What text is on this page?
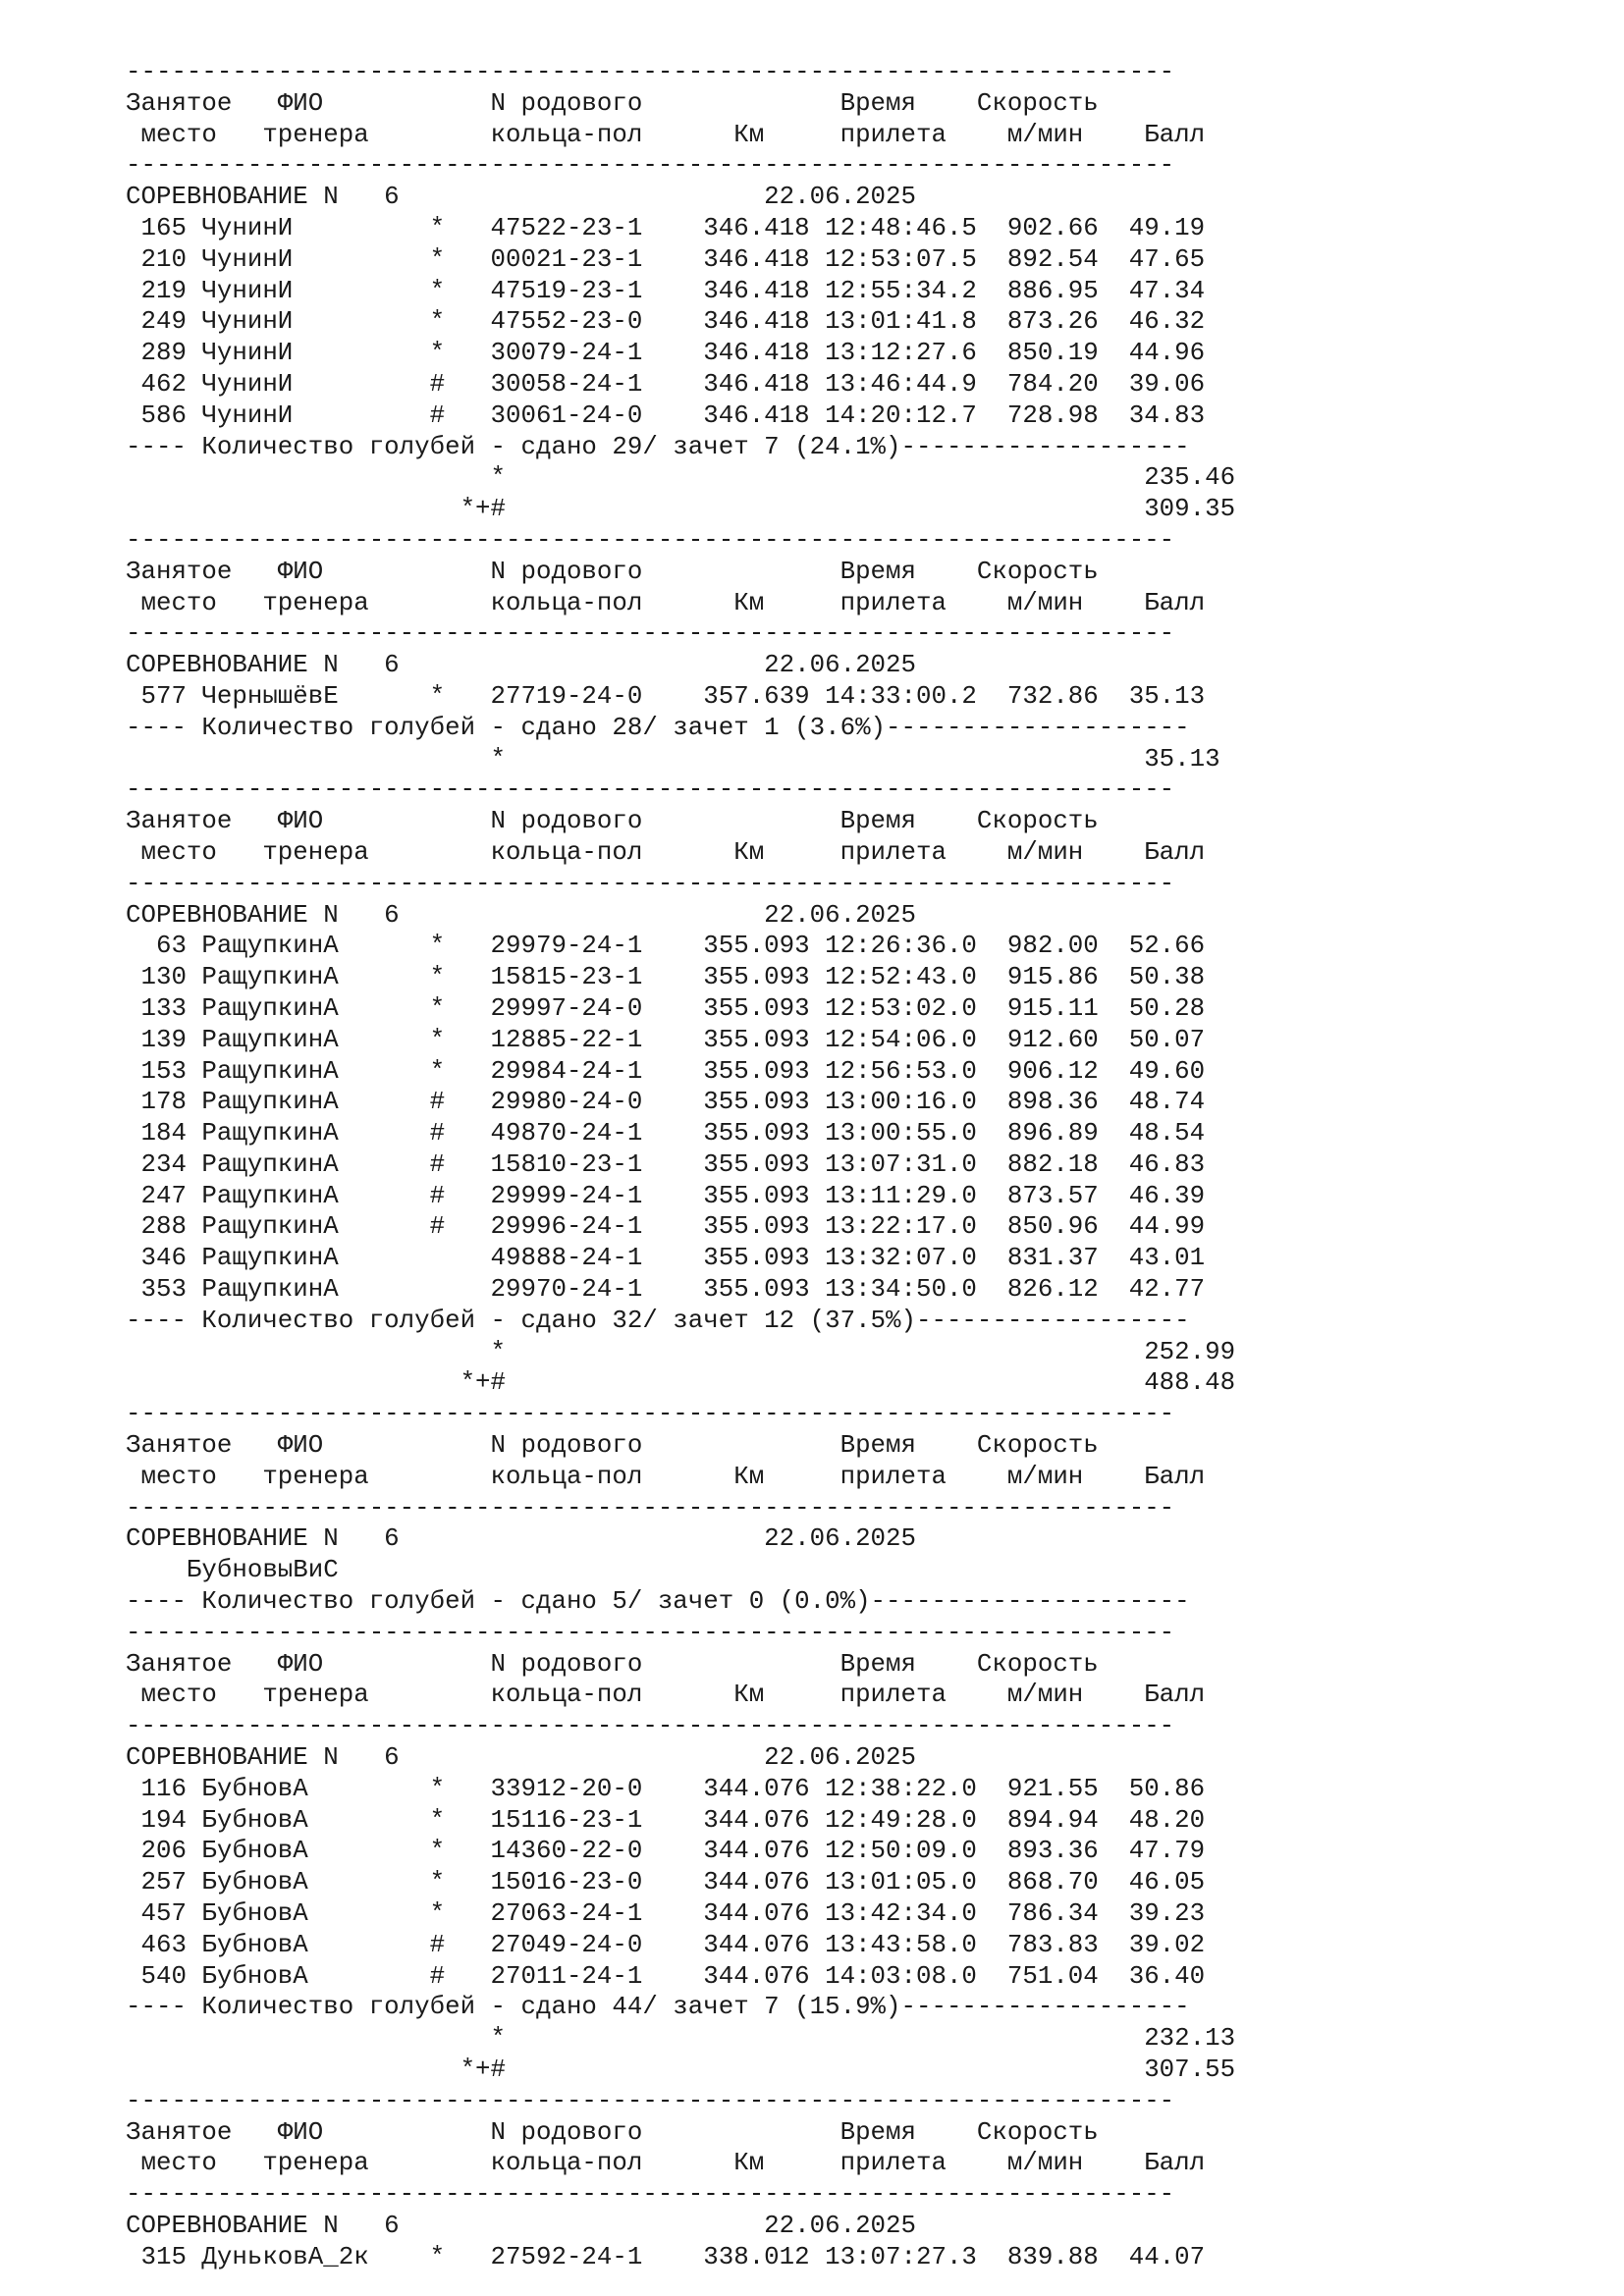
---------------------------------------------------------------------
Занятое   ФИО           N родового             Время    Скорость
место   тренера        кольца-пол      Км     прилета    м/мин    Балл
---------------------------------------------------------------------
СОРЕВНОВАНИЕ N   6                        22.06.2025
165 ЧунинИ         *   47522-23-1    346.418 12:48:46.5  902.66  49.19
210 ЧунинИ         *   00021-23-1    346.418 12:53:07.5  892.54  47.65
219 ЧунинИ         *   47519-23-1    346.418 12:55:34.2  886.95  47.34
249 ЧунинИ         *   47552-23-0    346.418 13:01:41.8  873.26  46.32
289 ЧунинИ         *   30079-24-1    346.418 13:12:27.6  850.19  44.96
462 ЧунинИ         #   30058-24-1    346.418 13:46:44.9  784.20  39.06
586 ЧунинИ         #   30061-24-0    346.418 14:20:12.7  728.98  34.83
---- Количество голубей - сдано 29/ зачет 7 (24.1%)-------------------
*                                          235.46
*+#                                          309.35
---------------------------------------------------------------------
Занятое   ФИО           N родового             Время    Скорость
место   тренера        кольца-пол      Км     прилета    м/мин    Балл
---------------------------------------------------------------------
СОРЕВНОВАНИЕ N   6                        22.06.2025
577 ЧернышёвЕ      *   27719-24-0    357.639 14:33:00.2  732.86  35.13
---- Количество голубей - сдано 28/ зачет 1 (3.6%)--------------------
*                                          35.13
---------------------------------------------------------------------
Занятое   ФИО           N родового             Время    Скорость
место   тренера        кольца-пол      Км     прилета    м/мин    Балл
---------------------------------------------------------------------
СОРЕВНОВАНИЕ N   6                        22.06.2025
63 РащупкинА      *   29979-24-1    355.093 12:26:36.0  982.00  52.66
130 РащупкинА      *   15815-23-1    355.093 12:52:43.0  915.86  50.38
133 РащупкинА      *   29997-24-0    355.093 12:53:02.0  915.11  50.28
139 РащупкинА      *   12885-22-1    355.093 12:54:06.0  912.60  50.07
153 РащупкинА      *   29984-24-1    355.093 12:56:53.0  906.12  49.60
178 РащупкинА      #   29980-24-0    355.093 13:00:16.0  898.36  48.74
184 РащупкинА      #   49870-24-1    355.093 13:00:55.0  896.89  48.54
234 РащупкинА      #   15810-23-1    355.093 13:07:31.0  882.18  46.83
247 РащупкинА      #   29999-24-1    355.093 13:11:29.0  873.57  46.39
288 РащупкинА      #   29996-24-1    355.093 13:22:17.0  850.96  44.99
346 РащупкинА          49888-24-1    355.093 13:32:07.0  831.37  43.01
353 РащупкинА          29970-24-1    355.093 13:34:50.0  826.12  42.77
---- Количество голубей - сдано 32/ зачет 12 (37.5%)------------------
*                                          252.99
*+#                                          488.48
---------------------------------------------------------------------
Занятое   ФИО           N родового             Время    Скорость
место   тренера        кольца-пол      Км     прилета    м/мин    Балл
---------------------------------------------------------------------
СОРЕВНОВАНИЕ N   6                        22.06.2025
БубновыВиС
---- Количество голубей - сдано 5/ зачет 0 (0.0%)---------------------
---------------------------------------------------------------------
Занятое   ФИО           N родового             Время    Скорость
место   тренера        кольца-пол      Км     прилета    м/мин    Балл
---------------------------------------------------------------------
СОРЕВНОВАНИЕ N   6                        22.06.2025
116 БубновА        *   33912-20-0    344.076 12:38:22.0  921.55  50.86
194 БубновА        *   15116-23-1    344.076 12:49:28.0  894.94  48.20
206 БубновА        *   14360-22-0    344.076 12:50:09.0  893.36  47.79
257 БубновА        *   15016-23-0    344.076 13:01:05.0  868.70  46.05
457 БубновА        *   27063-24-1    344.076 13:42:34.0  786.34  39.23
463 БубновА        #   27049-24-0    344.076 13:43:58.0  783.83  39.02
540 БубновА        #   27011-24-1    344.076 14:03:08.0  751.04  36.40
---- Количество голубей - сдано 44/ зачет 7 (15.9%)-------------------
*                                          232.13
*+#                                          307.55
---------------------------------------------------------------------
Занятое   ФИО           N родового             Время    Скорость
место   тренера        кольца-пол      Км     прилета    м/мин    Балл
---------------------------------------------------------------------
СОРЕВНОВАНИЕ N   6                        22.06.2025
315 ДуньковА_2к    *   27592-24-1    338.012 13:07:27.3  839.88  44.07
